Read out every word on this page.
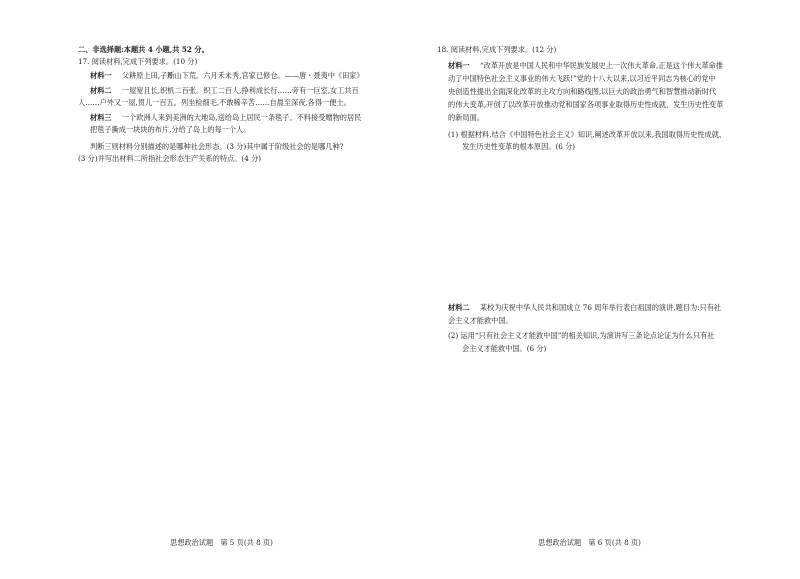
二、非选择题:本题共 4 小题,共 52 分。
17. 阅读材料,完成下列要求。(10 分)
材料一 父耕原上田,子斸山下荒。六月禾未秀,官家已修仓。——唐・聂夷中《田家》
材料二 一屋宽且长,织机二百张。织工二百人,挣利成长行……旁有一巨室,女工共百
人……户外又一屋,贯儿一百五。列坐检细毛,不敢稀辛苦……自晨至深夜,各得一便士。
材料三 一个欧洲人来到美洲的大地岛,送给岛上居民一条毯子。不料接受赠物的居民
把毯子撕成一块块的布片,分给了岛上的每一个人。
判断三则材料分别描述的是哪种社会形态。(3 分)其中属于阶级社会的是哪几种?
(3 分)并写出材料二所指社会形态生产关系的特点。(4 分)
思想政治试题　第 5 页(共 8 页)
18. 阅读材料,完成下列要求。(12 分)
材料一 “改革开放是中国人民和中华民族发展史上一次伟大革命,正是这个伟大革命推
动了中国特色社会主义事业的伟大飞跃!”党的十八大以来,以习近平同志为核心的党中
央创造性提出全面深化改革的主攻方向和路线图,以巨大的政治勇气和智慧推动新时代
的伟大变革,开创了以改革开放推动党和国家各项事业取得历史性成就、发生历史性变革
的新局面。
(1) 根据材料,结合《中国特色社会主义》知识,阐述改革开放以来,我国取得历史性成就、
发生历史性变革的根本原因。(6 分)
材料二 某校为庆祝中华人民共和国成立 76 周年举行表白祖国的演讲,题目为:只有社
会主义才能救中国。
(2) 运用“只有社会主义才能救中国”的相关知识,为演讲写三条论点论证为什么只有社
会主义才能救中国。(6 分)
思想政治试题　第 6 页(共 8 页)
